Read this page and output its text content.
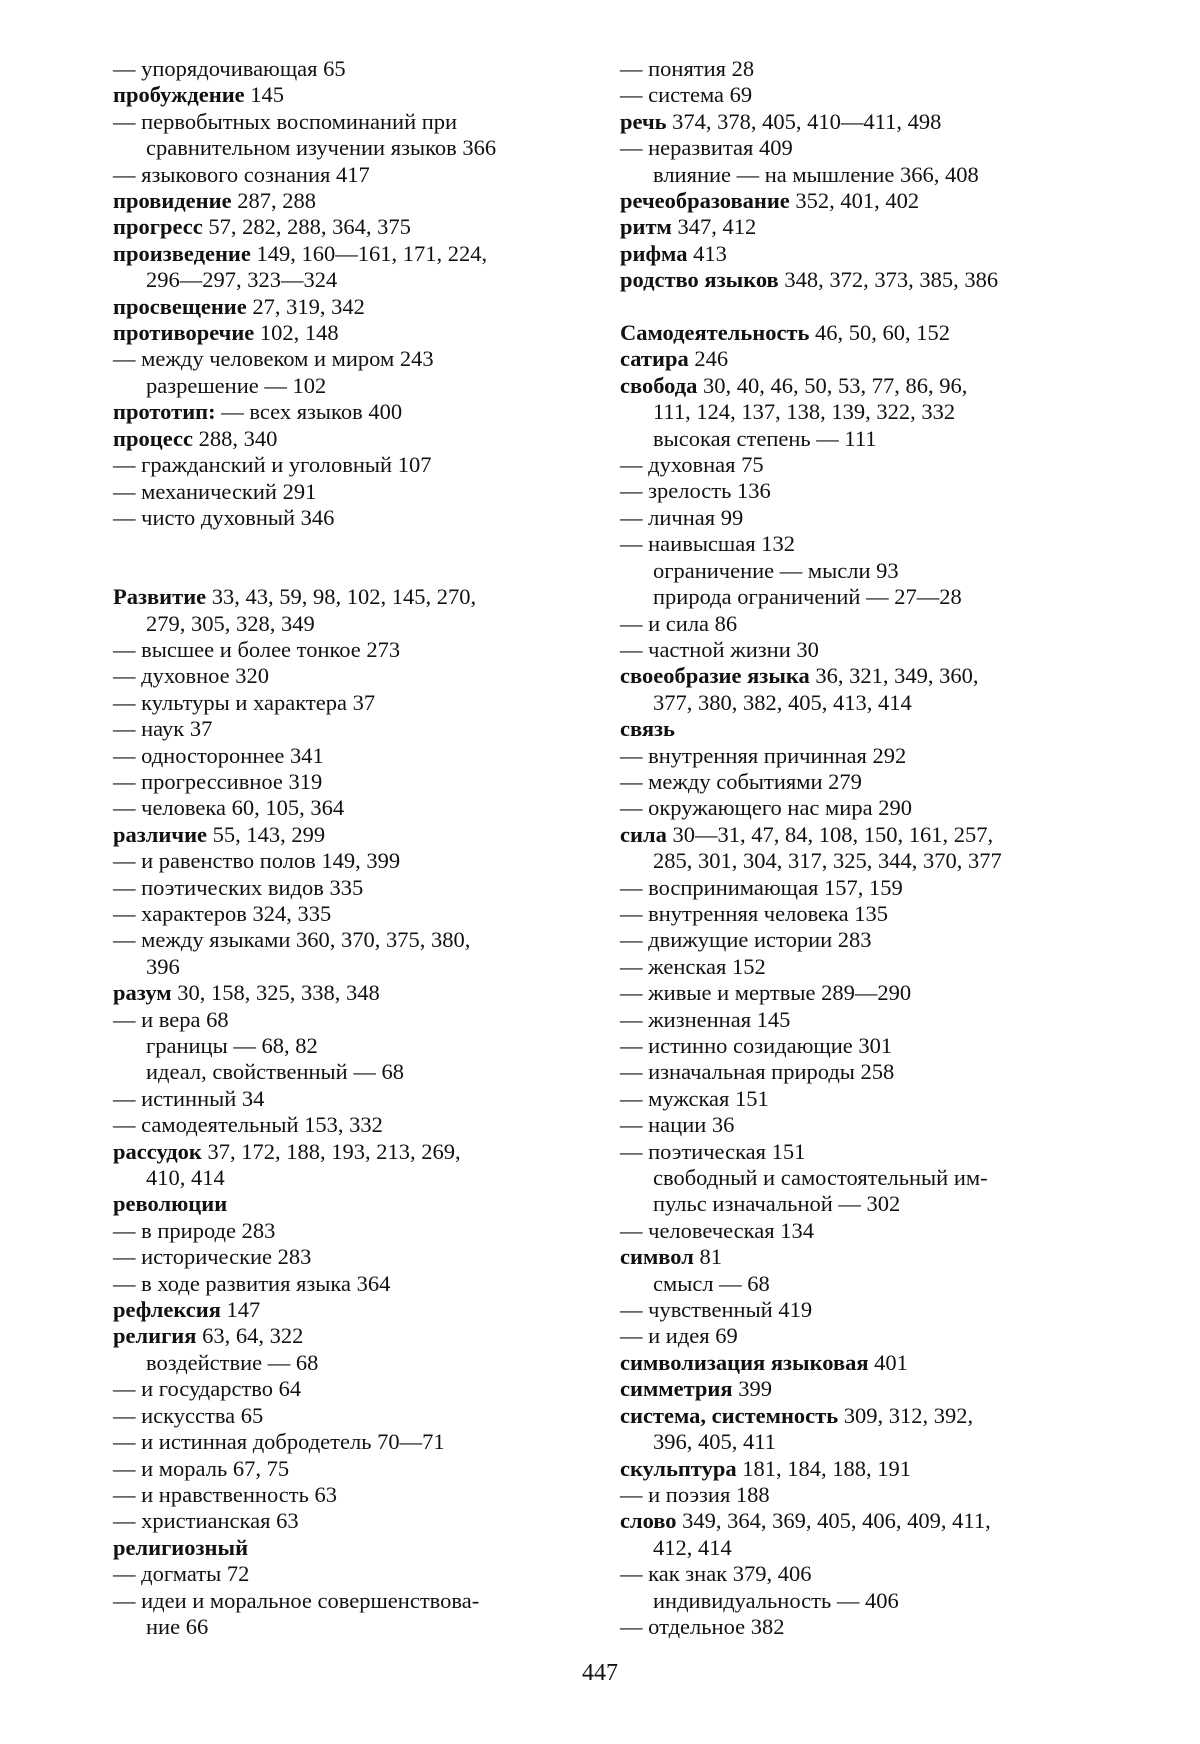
— упорядочивающая 65
пробуждение 145
— первобытных воспоминаний при
сравнительном изучении языков 366
— языкового сознания 417
провидение 287, 288
прогресс 57, 282, 288, 364, 375
произведение 149, 160—161, 171, 224,
296—297, 323—324
просвещение 27, 319, 342
противоречие 102, 148
— между человеком и миром 243
разрешение — 102
прототип: — всех языков 400
процесс 288, 340
— гражданский и уголовный 107
— механический 291
— чисто духовный 346
Развитие 33, 43, 59, 98, 102, 145, 270,
279, 305, 328, 349
— высшее и более тонкое 273
— духовное 320
— культуры и характера 37
— наук 37
— одностороннее 341
— прогрессивное 319
— человека 60, 105, 364
различие 55, 143, 299
— и равенство полов 149, 399
— поэтических видов 335
— характеров 324, 335
— между языками 360, 370, 375, 380,
396
разум 30, 158, 325, 338, 348
— и вера 68
границы — 68, 82
идеал, свойственный — 68
— истинный 34
— самодеятельный 153, 332
рассудок 37, 172, 188, 193, 213, 269,
410, 414
революции
— в природе 283
— исторические 283
— в ходе развития языка 364
рефлексия 147
религия 63, 64, 322
воздействие — 68
— и государство 64
— искусства 65
— и истинная добродетель 70—71
— и мораль 67, 75
— и нравственность 63
— христианская 63
религиозный
— догматы 72
— идеи и моральное совершенствова-
ние 66
— понятия 28
— система 69
речь 374, 378, 405, 410—411, 498
— неразвитая 409
влияние — на мышление 366, 408
речеобразование 352, 401, 402
ритм 347, 412
рифма 413
родство языков 348, 372, 373, 385, 386
Самодеятельность 46, 50, 60, 152
сатира 246
свобода 30, 40, 46, 50, 53, 77, 86, 96,
111, 124, 137, 138, 139, 322, 332
высокая степень — 111
— духовная 75
— зрелость 136
— личная 99
— наивысшая 132
ограничение — мысли 93
природа ограничений — 27—28
— и сила 86
— частной жизни 30
своеобразие языка 36, 321, 349, 360,
377, 380, 382, 405, 413, 414
связь
— внутренняя причинная 292
— между событиями 279
— окружающего нас мира 290
сила 30—31, 47, 84, 108, 150, 161, 257,
285, 301, 304, 317, 325, 344, 370, 377
— воспринимающая 157, 159
— внутренняя человека 135
— движущие истории 283
— женская 152
— живые и мертвые 289—290
— жизненная 145
— истинно созидающие 301
— изначальная природы 258
— мужская 151
— нации 36
— поэтическая 151
свободный и самостоятельный им-
пульс изначальной — 302
— человеческая 134
символ 81
смысл — 68
— чувственный 419
— и идея 69
символизация языковая 401
симметрия 399
система, системность 309, 312, 392,
396, 405, 411
скульптура 181, 184, 188, 191
— и поэзия 188
слово 349, 364, 369, 405, 406, 409, 411,
412, 414
— как знак 379, 406
индивидуальность — 406
— отдельное 382
447
